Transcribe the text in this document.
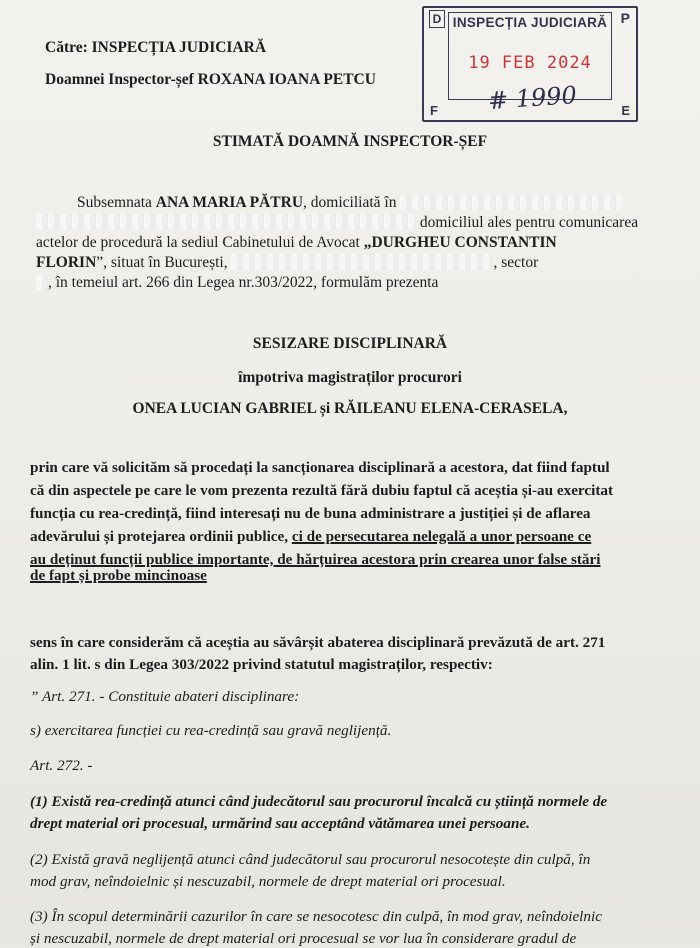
Către: INSPECȚIA JUDICIARĂ
Doamnei Inspector-șef ROXANA IOANA PETCU
D	P
F	E
INSPECȚIA JUDICIARĂ
19 FEB 2024
# 1990
STIMATĂ DOAMNĂ INSPECTOR-ȘEF
Subsemnata ANA MARIA PĂTRU, domiciliată în
domiciliul ales pentru comunicarea
actelor de procedură la sediul Cabinetului de Avocat „DURGHEU CONSTANTIN
FLORIN”, situat în București,	, sector
, în temeiul art. 266 din Legea nr.303/2022, formulăm prezenta
SESIZARE DISCIPLINARĂ
împotriva magistraților procurori
ONEA LUCIAN GABRIEL și RĂILEANU ELENA-CERASELA,
prin care vă solicităm să procedați la sancționarea disciplinară a acestora, dat fiind faptul
că din aspectele pe care le vom prezenta rezultă fără dubiu faptul că aceștia și-au exercitat
funcția cu rea-credință, fiind interesați nu de buna administrare a justiției și de aflarea
adevărului și protejarea ordinii publice, ci de persecutarea nelegală a unor persoane ce
au deținut funcții publice importante, de hărțuirea acestora prin crearea unor false stări
de fapt și probe mincinoase
sens în care considerăm că aceștia au săvârșit abaterea disciplinară prevăzută de art. 271
alin. 1 lit. s din Legea 303/2022 privind statutul magistraților, respectiv:
” Art. 271. - Constituie abateri disciplinare:
s) exercitarea funcției cu rea-credință sau gravă neglijență.
Art. 272. -
(1) Există rea-credință atunci când judecătorul sau procurorul încalcă cu știință normele de
drept material ori procesual, urmărind sau acceptând vătămarea unei persoane.
(2) Există gravă neglijență atunci când judecătorul sau procurorul nesocotește din culpă, în
mod grav, neîndoielnic și nescuzabil, normele de drept material ori procesual.
(3) În scopul determinării cazurilor în care se nesocotesc din culpă, în mod grav, neîndoielnic
și nescuzabil, normele de drept material ori procesual se vor lua în considerare gradul de
